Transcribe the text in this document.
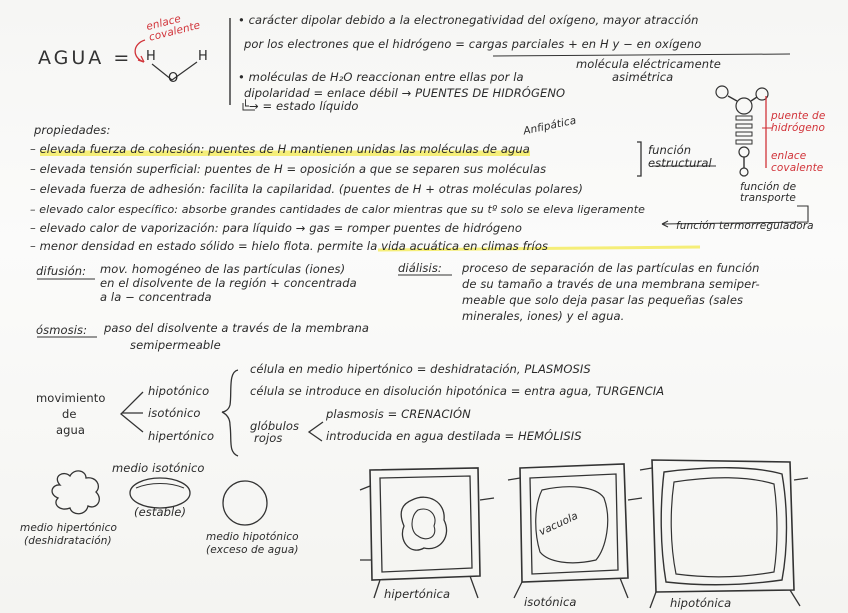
AGUA = H
O
H
enlace covalente	• carácter dipolar debido a la electronegatividad del oxígeno, mayor atracción
por los electrones que el hidrógeno = cargas parciales + en H y − en oxígeno
molécula eléctricamente
asimétrica
• moléculas de H₂O reaccionan entre ellas por la
dipolaridad = enlace débil → PUENTES DE HIDRÓGENO
└→ = estado líquido
puente de hidrógeno
enlace covalente
propiedades:	Anfipática
– elevada fuerza de cohesión: puentes de H mantienen unidas las moléculas de agua
– elevada tensión superficial: puentes de H = oposición a que se separen sus moléculas
– elevada fuerza de adhesión: facilita la capilaridad. (puentes de H + otras moléculas polares)
– elevado calor específico: absorbe grandes cantidades de calor mientras que su tº solo se eleva ligeramente
– elevado calor de vaporización: para líquido → gas = romper puentes de hidrógeno
– menor densidad en estado sólido = hielo flota. permite la vida acuática en climas fríos
función estructural
función de transporte
función termorreguladora
difusión: mov. homogéneo de las partículas (iones)
en el disolvente de la región + concentrada
a la − concentrada
diálisis: proceso de separación de las partículas en función
de su tamaño a través de una membrana semiper-
meable que solo deja pasar las pequeñas (sales
minerales, iones) y el agua.
ósmosis: paso del disolvente a través de la membrana
semipermeable
movimiento
de
agua
hipotónico
isotónico
hipertónico
célula en medio hipertónico = deshidratación, PLASMOSIS
célula se introduce en disolución hipotónica = entra agua, TURGENCIA
glóbulos
rojos
plasmosis = CRENACIÓN
introducida en agua destilada = HEMÓLISIS
medio isotónico
(estable)
medio hipertónico
(deshidratación)	medio hipotónico
(exceso de agua)
vacuola
hipertónica
isotónica	hipotónica
